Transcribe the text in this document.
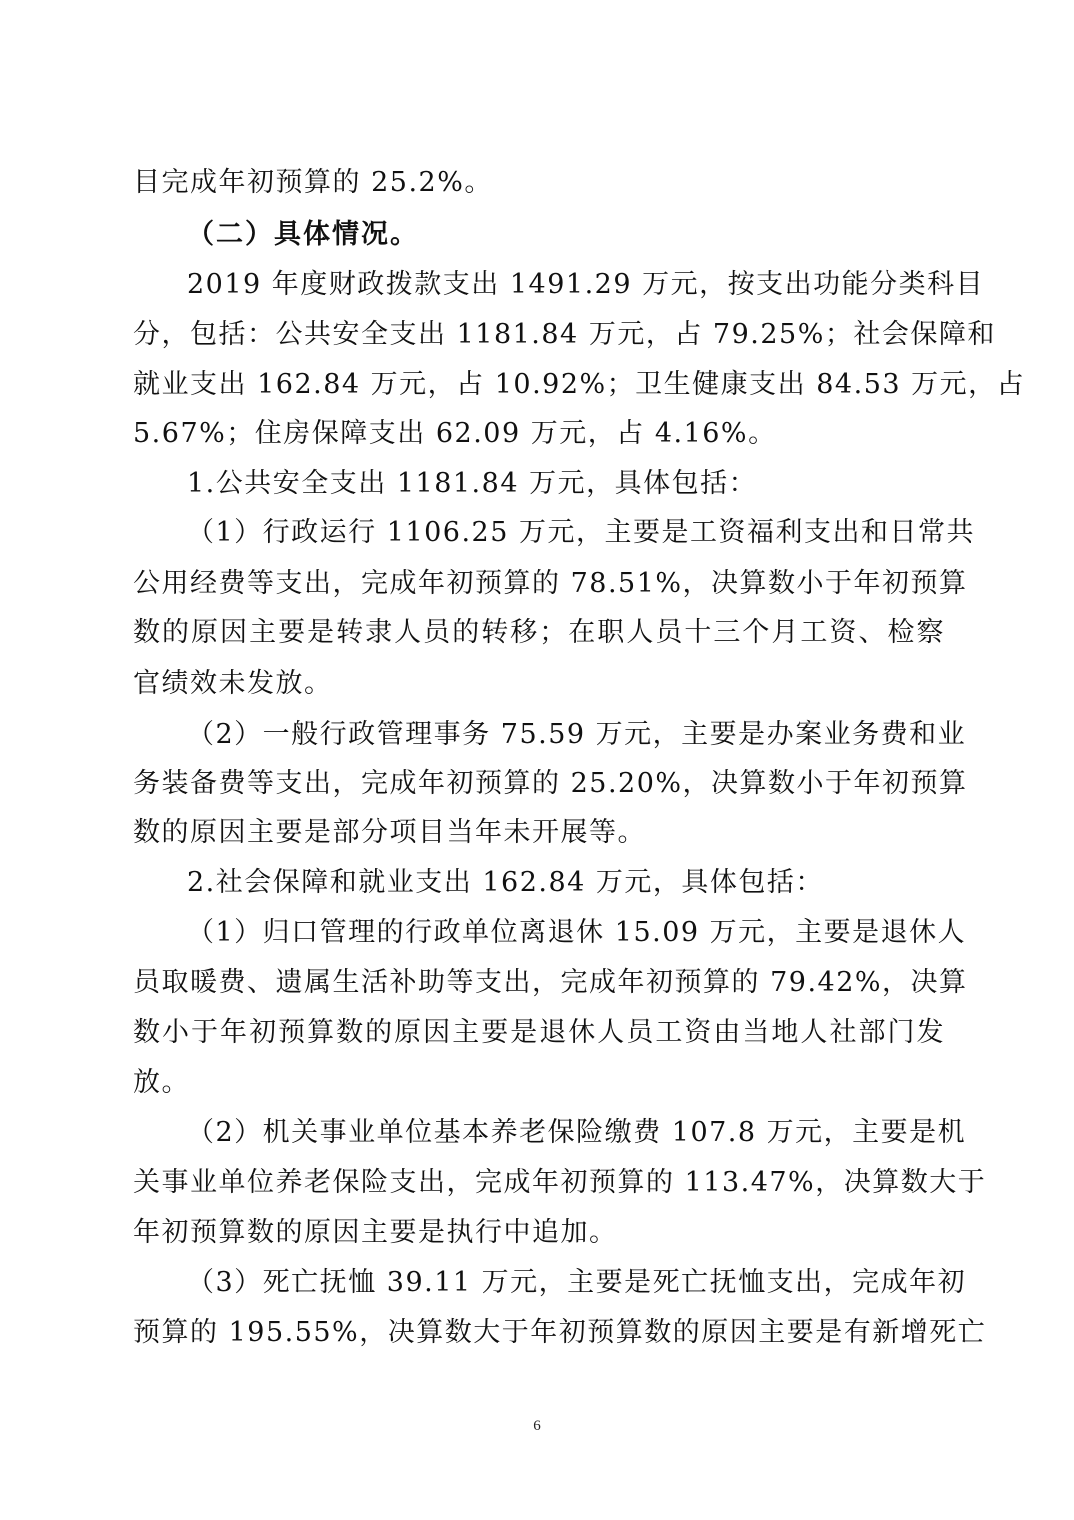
目完成年初预算的 25.2%。
（二）具体情况。
2019 年度财政拨款支出 1491.29 万元，按支出功能分类科目
分，包括：公共安全支出 1181.84 万元，占 79.25%；社会保障和
就业支出 162.84 万元，占 10.92%；卫生健康支出 84.53 万元，占
5.67%；住房保障支出 62.09 万元，占 4.16%。
1.公共安全支出 1181.84 万元，具体包括：
（1）行政运行 1106.25 万元，主要是工资福利支出和日常共
公用经费等支出，完成年初预算的 78.51%，决算数小于年初预算
数的原因主要是转隶人员的转移；在职人员十三个月工资、检察
官绩效未发放。
（2）一般行政管理事务 75.59 万元，主要是办案业务费和业
务装备费等支出，完成年初预算的 25.20%，决算数小于年初预算
数的原因主要是部分项目当年未开展等。
2.社会保障和就业支出 162.84 万元，具体包括：
（1）归口管理的行政单位离退休 15.09 万元，主要是退休人
员取暖费、遗属生活补助等支出，完成年初预算的 79.42%，决算
数小于年初预算数的原因主要是退休人员工资由当地人社部门发
放。
（2）机关事业单位基本养老保险缴费 107.8 万元，主要是机
关事业单位养老保险支出，完成年初预算的 113.47%，决算数大于
年初预算数的原因主要是执行中追加。
（3）死亡抚恤 39.11 万元，主要是死亡抚恤支出，完成年初
预算的 195.55%，决算数大于年初预算数的原因主要是有新增死亡
6
